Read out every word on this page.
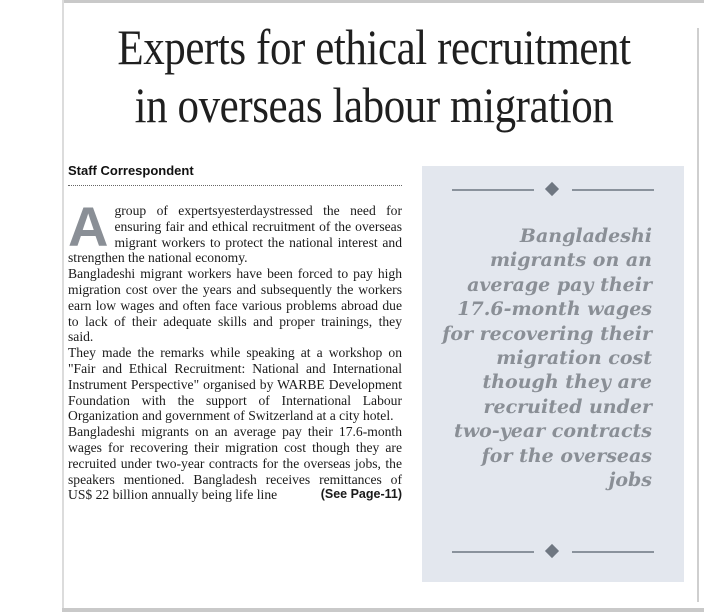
Experts for ethical recruitment
in overseas labour migration
Staff Correspondent

Agroup of expertsyesterdaystressed the need for ensuring fair and ethical recruitment of the overseas migrant workers to protect the national interest and strengthen the national economy.

Bangladeshi migrant workers have been forced to pay high migration cost over the years and subsequently the workers earn low wages and often face various problems abroad due to lack of their adequate skills and proper trainings, they said.

They made the remarks while speaking at a workshop on "Fair and Ethical Recruitment: National and International Instrument Perspective" organised by WARBE Development Foundation with the support of International Labour Organization and government of Switzerland at a city hotel.

Bangladeshi migrants on an average pay their 17.6-month wages for recovering their migration cost though they are recruited under two-year contracts for the overseas jobs, the speakers mentioned. Bangladesh receives remittances of US$ 22 billion annually being life line	(See Page-11)

Bangladeshi migrants on an average pay their 17.6-month wages for recovering their migration cost though they are recruited under two-year contracts for the overseas jobs
